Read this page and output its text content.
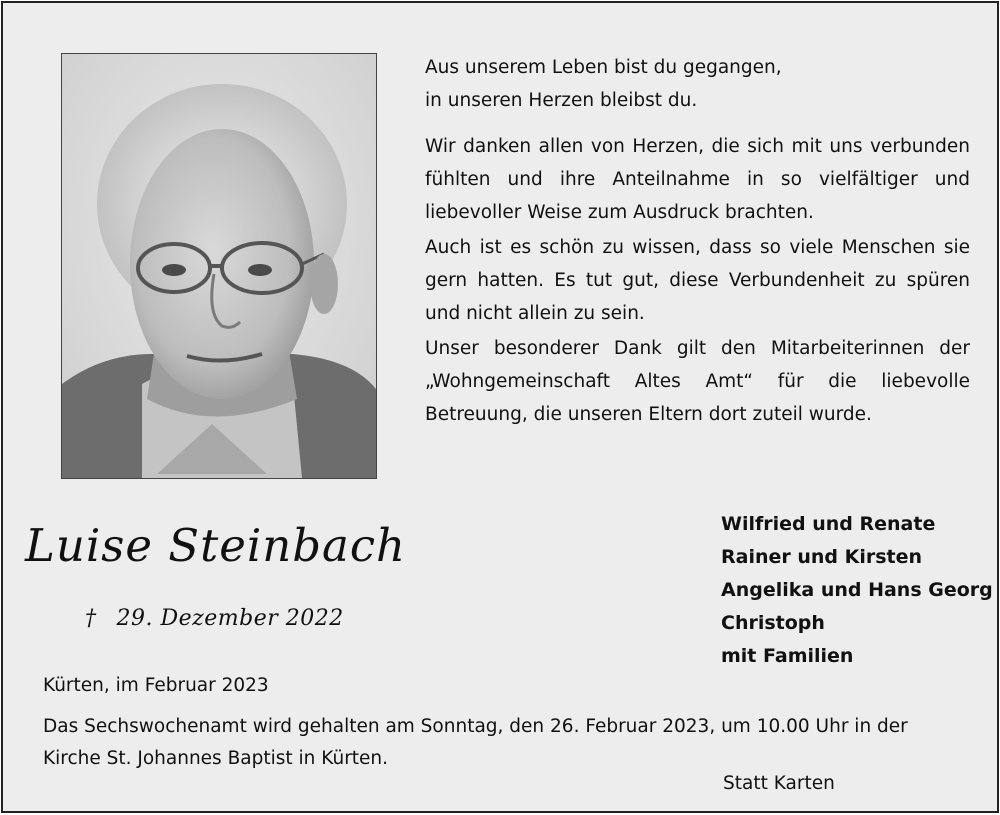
Aus unserem Leben bist du gegangen,
in unseren Herzen bleibst du.

Wir danken allen von Herzen, die sich mit uns verbunden fühlten und ihre Anteilnahme in so vielfältiger und liebevoller Weise zum Ausdruck brachten.

Auch ist es schön zu wissen, dass so viele Menschen sie gern hatten. Es tut gut, diese Verbundenheit zu spüren und nicht allein zu sein.

Unser besonderer Dank gilt den Mitarbeiterinnen der „Wohngemeinschaft Altes Amt“ für die liebevolle Betreuung, die unseren Eltern dort zuteil wurde.

Luise Steinbach
† 29. Dezember 2022
Wilfried und Renate
Rainer und Kirsten
Angelika und Hans Georg
Christoph
mit Familien
Kürten, im Februar 2023
Das Sechswochenamt wird gehalten am Sonntag, den 26. Februar 2023, um 10.00 Uhr in der Kirche St. Johannes Baptist in Kürten.
Statt Karten
